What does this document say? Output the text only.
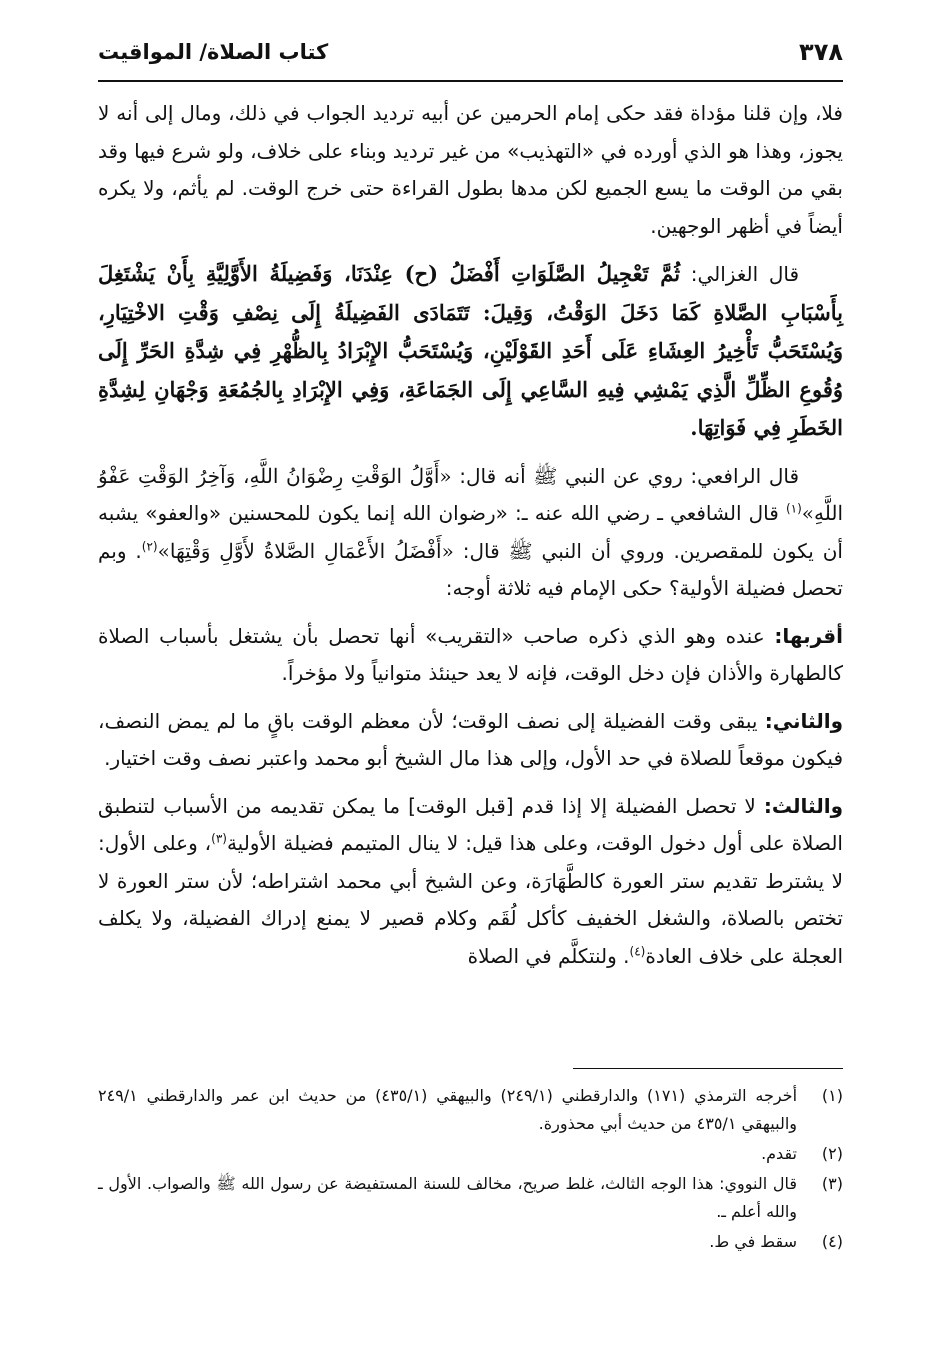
٣٧٨
كتاب الصلاة/ المواقيت

فلا، وإن قلنا مؤداة فقد حكى إمام الحرمين عن أبيه ترديد الجواب في ذلك، ومال إلى أنه لا يجوز، وهذا هو الذي أورده في «التهذيب» من غير ترديد وبناء على خلاف، ولو شرع فيها وقد بقي من الوقت ما يسع الجميع لكن مدها بطول القراءة حتى خرج الوقت. لم يأثم، ولا يكره أيضاً في أظهر الوجهين.

قال الغزالي: ثُمَّ تَعْجِيلُ الصَّلَوَاتِ أَفْضَلُ (ح) عِنْدَنَا، وَفَضِيلَةُ الأَوَّلِيَّةِ بِأَنْ يَشْتَغِلَ بِأَسْبَابِ الصَّلاةِ كَمَا دَخَلَ الوَقْتُ، وَقِيلَ: تَتَمَادَى الفَضِيلَةُ إِلَى نِصْفِ وَقْتِ الاخْتِيَارِ، وَيُسْتَحَبُّ تَأْخِيرُ العِشَاءِ عَلَى أَحَدِ القَوْلَيْنِ، وَيُسْتَحَبُّ الإِبْرَادُ بِالظُّهْرِ فِي شِدَّةِ الحَرِّ إِلَى وُقُوعِ الظِّلِّ الَّذِي يَمْشِي فِيهِ السَّاعِي إِلَى الجَمَاعَةِ، وَفِي الإِبْرَادِ بِالجُمُعَةِ وَجْهَانِ لِشِدَّةِ الخَطَرِ فِي فَوَاتِهَا.

قال الرافعي: روي عن النبي ﷺ أنه قال: «أَوَّلُ الوَقْتِ رِضْوَانُ اللَّهِ، وَآخِرُ الوَقْتِ عَفْوُ اللَّهِ»$^{(١)}$ قال الشافعي ـ رضي الله عنه ـ: «رضوان الله إنما يكون للمحسنين «والعفو» يشبه أن يكون للمقصرين. وروي أن النبي ﷺ قال: «أَفْضَلُ الأَعْمَالِ الصَّلاةُ لأَوَّلِ وَقْتِهَا»$^{(٢)}$. وبم تحصل فضيلة الأولية؟ حكى الإمام فيه ثلاثة أوجه:

أقربها: عنده وهو الذي ذكره صاحب «التقريب» أنها تحصل بأن يشتغل بأسباب الصلاة كالطهارة والأذان فإن دخل الوقت، فإنه لا يعد حينئذ متوانياً ولا مؤخراً.

والثاني: يبقى وقت الفضيلة إلى نصف الوقت؛ لأن معظم الوقت باقٍ ما لم يمض النصف، فيكون موقعاً للصلاة في حد الأول، وإلى هذا مال الشيخ أبو محمد واعتبر نصف وقت اختيار.

والثالث: لا تحصل الفضيلة إلا إذا قدم [قبل الوقت] ما يمكن تقديمه من الأسباب لتنطبق الصلاة على أول دخول الوقت، وعلى هذا قيل: لا ينال المتيمم فضيلة الأولية$^{(٣)}$، وعلى الأول: لا يشترط تقديم ستر العورة كالطَّهَارَة، وعن الشيخ أبي محمد اشتراطه؛ لأن ستر العورة لا تختص بالصلاة، والشغل الخفيف كأكل لُقَم وكلام قصير لا يمنع إدراك الفضيلة، ولا يكلف العجلة على خلاف العادة$^{(٤)}$. ولنتكلَّم في الصلاة

(١)
أخرجه الترمذي (١٧١) والدارقطني (٢٤٩/١) والبيهقي (٤٣٥/١) من حديث ابن عمر والدارقطني ٢٤٩/١ والبيهقي ٤٣٥/١ من حديث أبي محذورة.
(٢)
تقدم.
(٣)
قال النووي: هذا الوجه الثالث، غلط صريح، مخالف للسنة المستفيضة عن رسول الله ﷺ والصواب. الأول ـ والله أعلم ـ.
(٤)
سقط في ط.
